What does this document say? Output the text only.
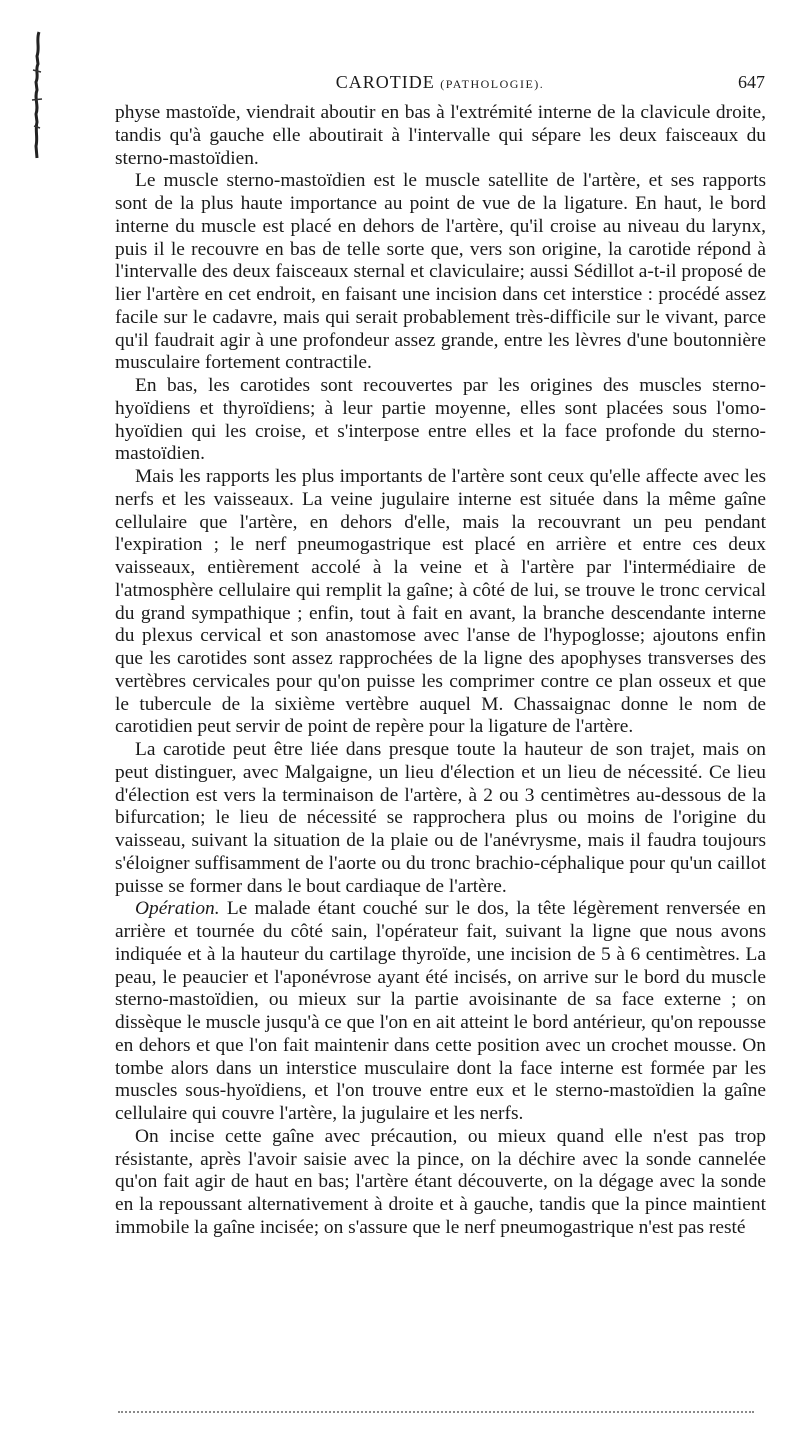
CAROTIDE (PATHOLOGIE).	647

physe mastoïde, viendrait aboutir en bas à l'extrémité interne de la clavicule droite, tandis qu'à gauche elle aboutirait à l'intervalle qui sépare les deux faisceaux du sterno-mastoïdien.

Le muscle sterno-mastoïdien est le muscle satellite de l'artère, et ses rapports sont de la plus haute importance au point de vue de la ligature. En haut, le bord interne du muscle est placé en dehors de l'artère, qu'il croise au niveau du larynx, puis il le recouvre en bas de telle sorte que, vers son origine, la carotide répond à l'intervalle des deux faisceaux sternal et claviculaire; aussi Sédillot a-t-il proposé de lier l'artère en cet endroit, en faisant une incision dans cet interstice : procédé assez facile sur le cadavre, mais qui serait probablement très-difficile sur le vivant, parce qu'il faudrait agir à une profondeur assez grande, entre les lèvres d'une boutonnière musculaire fortement contractile.

En bas, les carotides sont recouvertes par les origines des muscles sterno-hyoïdiens et thyroïdiens; à leur partie moyenne, elles sont placées sous l'omo-hyoïdien qui les croise, et s'interpose entre elles et la face profonde du sterno-mastoïdien.

Mais les rapports les plus importants de l'artère sont ceux qu'elle affecte avec les nerfs et les vaisseaux. La veine jugulaire interne est située dans la même gaîne cellulaire que l'artère, en dehors d'elle, mais la recouvrant un peu pendant l'expiration ; le nerf pneumogastrique est placé en arrière et entre ces deux vaisseaux, entièrement accolé à la veine et à l'artère par l'intermédiaire de l'atmosphère cellulaire qui remplit la gaîne; à côté de lui, se trouve le tronc cervical du grand sympathique ; enfin, tout à fait en avant, la branche descendante interne du plexus cervical et son anastomose avec l'anse de l'hypoglosse; ajoutons enfin que les carotides sont assez rapprochées de la ligne des apophyses transverses des vertèbres cervicales pour qu'on puisse les comprimer contre ce plan osseux et que le tubercule de la sixième vertèbre auquel M. Chassaignac donne le nom de carotidien peut servir de point de repère pour la ligature de l'artère.

La carotide peut être liée dans presque toute la hauteur de son trajet, mais on peut distinguer, avec Malgaigne, un lieu d'élection et un lieu de nécessité. Ce lieu d'élection est vers la terminaison de l'artère, à 2 ou 3 centimètres au-dessous de la bifurcation; le lieu de nécessité se rapprochera plus ou moins de l'origine du vaisseau, suivant la situation de la plaie ou de l'anévrysme, mais il faudra toujours s'éloigner suffisamment de l'aorte ou du tronc brachio-céphalique pour qu'un caillot puisse se former dans le bout cardiaque de l'artère.

Opération. Le malade étant couché sur le dos, la tête légèrement renversée en arrière et tournée du côté sain, l'opérateur fait, suivant la ligne que nous avons indiquée et à la hauteur du cartilage thyroïde, une incision de 5 à 6 centimètres. La peau, le peaucier et l'aponévrose ayant été incisés, on arrive sur le bord du muscle sterno-mastoïdien, ou mieux sur la partie avoisinante de sa face externe ; on dissèque le muscle jusqu'à ce que l'on en ait atteint le bord antérieur, qu'on repousse en dehors et que l'on fait maintenir dans cette position avec un crochet mousse. On tombe alors dans un interstice musculaire dont la face interne est formée par les muscles sous-hyoïdiens, et l'on trouve entre eux et le sterno-mastoïdien la gaîne cellulaire qui couvre l'artère, la jugulaire et les nerfs.

On incise cette gaîne avec précaution, ou mieux quand elle n'est pas trop résistante, après l'avoir saisie avec la pince, on la déchire avec la sonde cannelée qu'on fait agir de haut en bas; l'artère étant découverte, on la dégage avec la sonde en la repoussant alternativement à droite et à gauche, tandis que la pince maintient immobile la gaîne incisée; on s'assure que le nerf pneumogastrique n'est pas resté
